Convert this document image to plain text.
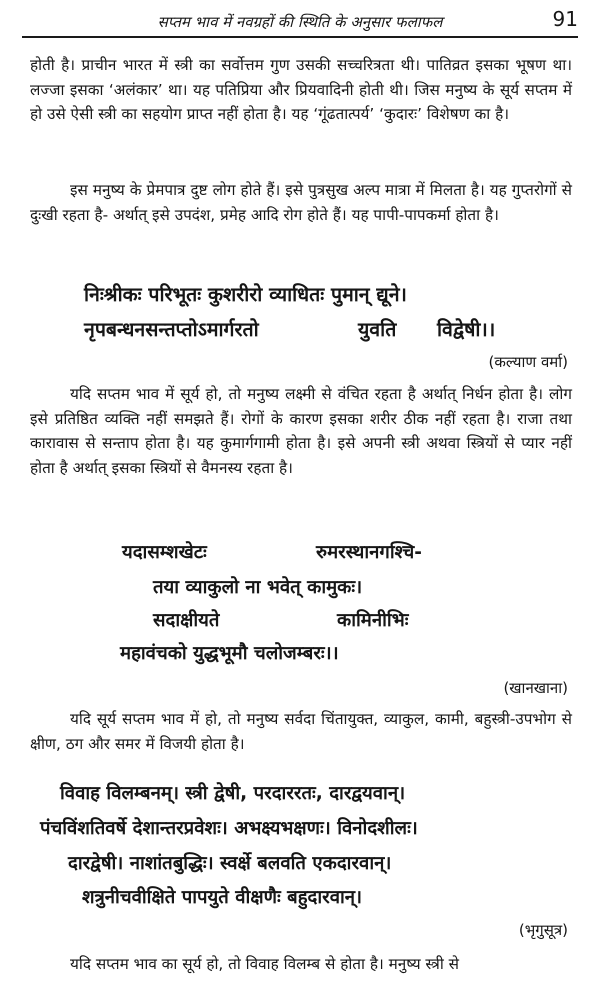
सप्तम भाव में नवग्रहों की स्थिति के अनुसार फलाफल	91

होती है। प्राचीन भारत में स्त्री का सर्वोत्तम गुण उसकी सच्चरित्रता थी। पातिव्रत इसका भूषण था। लज्जा इसका ‘अलंकार’ था। यह पतिप्रिया और प्रियवादिनी होती थी। जिस मनुष्य के सूर्य सप्तम में हो उसे ऐसी स्त्री का सहयोग प्राप्त नहीं होता है। यह ‘गूंढतात्पर्य’ ‘कुदारः’ विशेषण का है।

इस मनुष्य के प्रेमपात्र दुष्ट लोग होते हैं। इसे पुत्रसुख अल्प मात्रा में मिलता है। यह गुप्तरोगों से दुःखी रहता है- अर्थात् इसे उपदंश, प्रमेह आदि रोग होते हैं। यह पापी-पापकर्मा होता है।

निःश्रीकः परिभूतः कुशरीरो व्याधितः पुमान् द्यूने।
नृपबन्धनसन्तप्तोऽमार्गरतो	युवति विद्वेषी।।
(कल्याण वर्मा)

यदि सप्तम भाव में सूर्य हो, तो मनुष्य लक्ष्मी से वंचित रहता है अर्थात् निर्धन होता है। लोग इसे प्रतिष्ठित व्यक्ति नहीं समझते हैं। रोगों के कारण इसका शरीर ठीक नहीं रहता है। राजा तथा कारावास से सन्ताप होता है। यह कुमार्गगामी होता है। इसे अपनी स्त्री अथवा स्त्रियों से प्यार नहीं होता है अर्थात् इसका स्त्रियों से वैमनस्य रहता है।

यदासम्शखेटः	रुमरस्थानगश्चि-
तया व्याकुलो ना भवेत् कामुकः।
सदाक्षीयते	कामिनीभिः
महावंचको युद्धभूमौ चलोजम्बरः।।
(खानखाना)

यदि सूर्य सप्तम भाव में हो, तो मनुष्य सर्वदा चिंतायुक्त, व्याकुल, कामी, बहुस्त्री-उपभोग से क्षीण, ठग और समर में विजयी होता है।

विवाह विलम्बनम्। स्त्री द्वेषी, परदाररतः, दारद्वयवान्।
पंचविंशतिवर्षे देशान्तरप्रवेशः। अभक्ष्यभक्षणः। विनोदशीलः।
दारद्वेषी। नाशांतबुद्धिः। स्वर्क्षे बलवति एकदारवान्।
शत्रुनीचवीक्षिते पापयुते वीक्षणैः बहुदारवान्।
(भृगुसूत्र)

यदि सप्तम भाव का सूर्य हो, तो विवाह विलम्ब से होता है। मनुष्य स्त्री से
